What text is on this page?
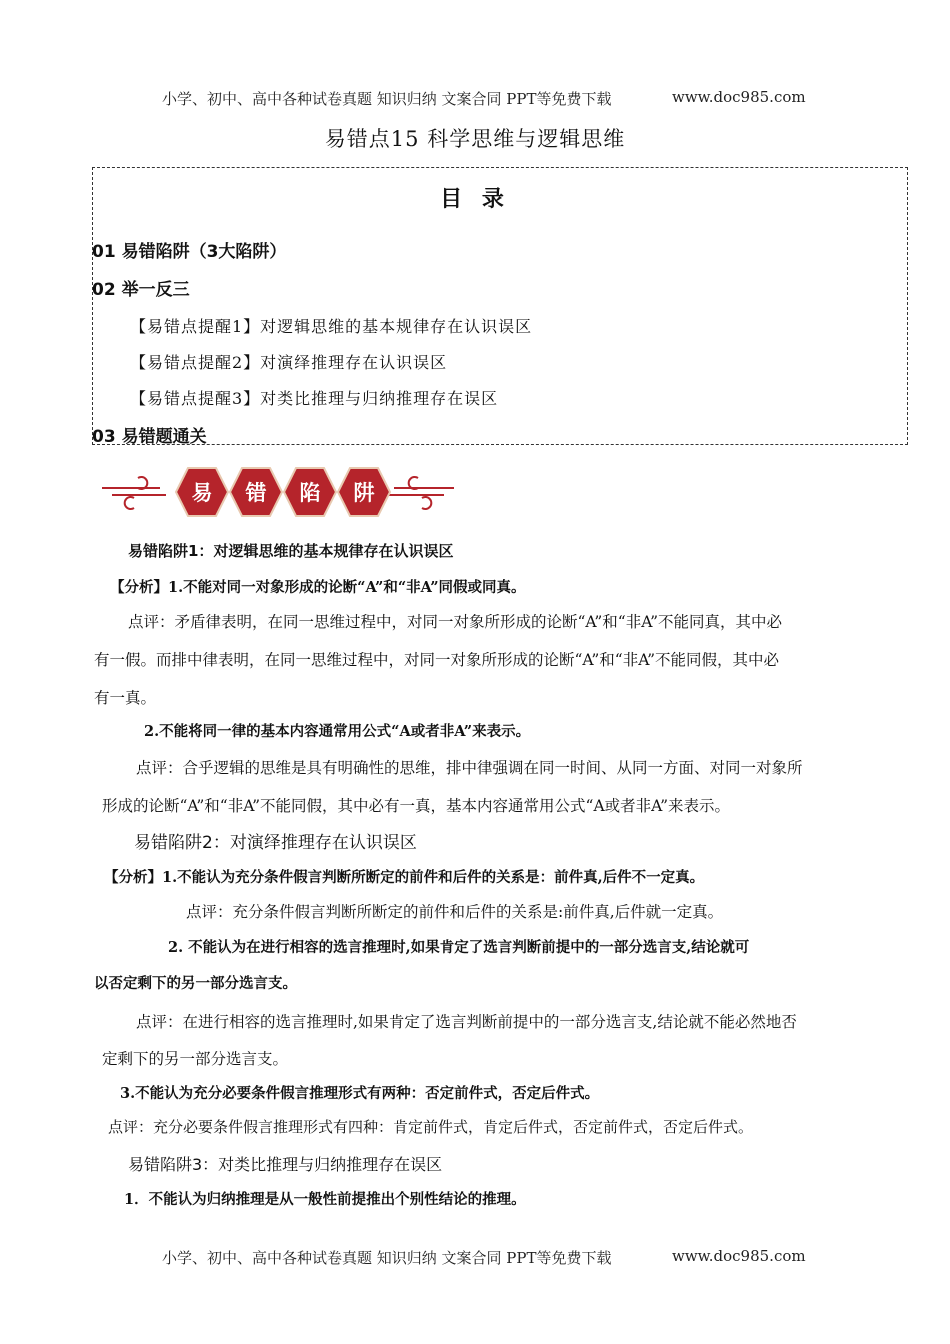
小学、初中、高中各种试卷真题 知识归纳 文案合同 PPT等免费下载	www.doc985.com
易错点15 科学思维与逻辑思维
目 录
01 易错陷阱（3大陷阱）
02 举一反三
【易错点提醒1】对逻辑思维的基本规律存在认识误区
【易错点提醒2】对演绎推理存在认识误区
【易错点提醒3】对类比推理与归纳推理存在误区
03 易错题通关
易 错 陷 阱
易错陷阱1：对逻辑思维的基本规律存在认识误区
【分析】1.不能对同一对象形成的论断“A”和“非A”同假或同真。
点评：矛盾律表明，在同一思维过程中，对同一对象所形成的论断“A”和“非A”不能同真，其中必
有一假。而排中律表明，在同一思维过程中，对同一对象所形成的论断“A”和“非A”不能同假，其中必
有一真。
2.不能将同一律的基本内容通常用公式“A或者非A”来表示。
点评：合乎逻辑的思维是具有明确性的思维，排中律强调在同一时间、从同一方面、对同一对象所
形成的论断“A”和“非A”不能同假，其中必有一真，基本内容通常用公式“A或者非A”来表示。
易错陷阱2：对演绎推理存在认识误区
【分析】1.不能认为充分条件假言判断所断定的前件和后件的关系是：前件真,后件不一定真。
点评：充分条件假言判断所断定的前件和后件的关系是:前件真,后件就一定真。
2. 不能认为在进行相容的选言推理时,如果肯定了选言判断前提中的一部分选言支,结论就可
以否定剩下的另一部分选言支。
点评：在进行相容的选言推理时,如果肯定了选言判断前提中的一部分选言支,结论就不能必然地否
定剩下的另一部分选言支。
3.不能认为充分必要条件假言推理形式有两种：否定前件式，否定后件式。
点评：充分必要条件假言推理形式有四种：肯定前件式，肯定后件式，否定前件式，否定后件式。
易错陷阱3：对类比推理与归纳推理存在误区
1．不能认为归纳推理是从一般性前提推出个别性结论的推理。
小学、初中、高中各种试卷真题 知识归纳 文案合同 PPT等免费下载	www.doc985.com
